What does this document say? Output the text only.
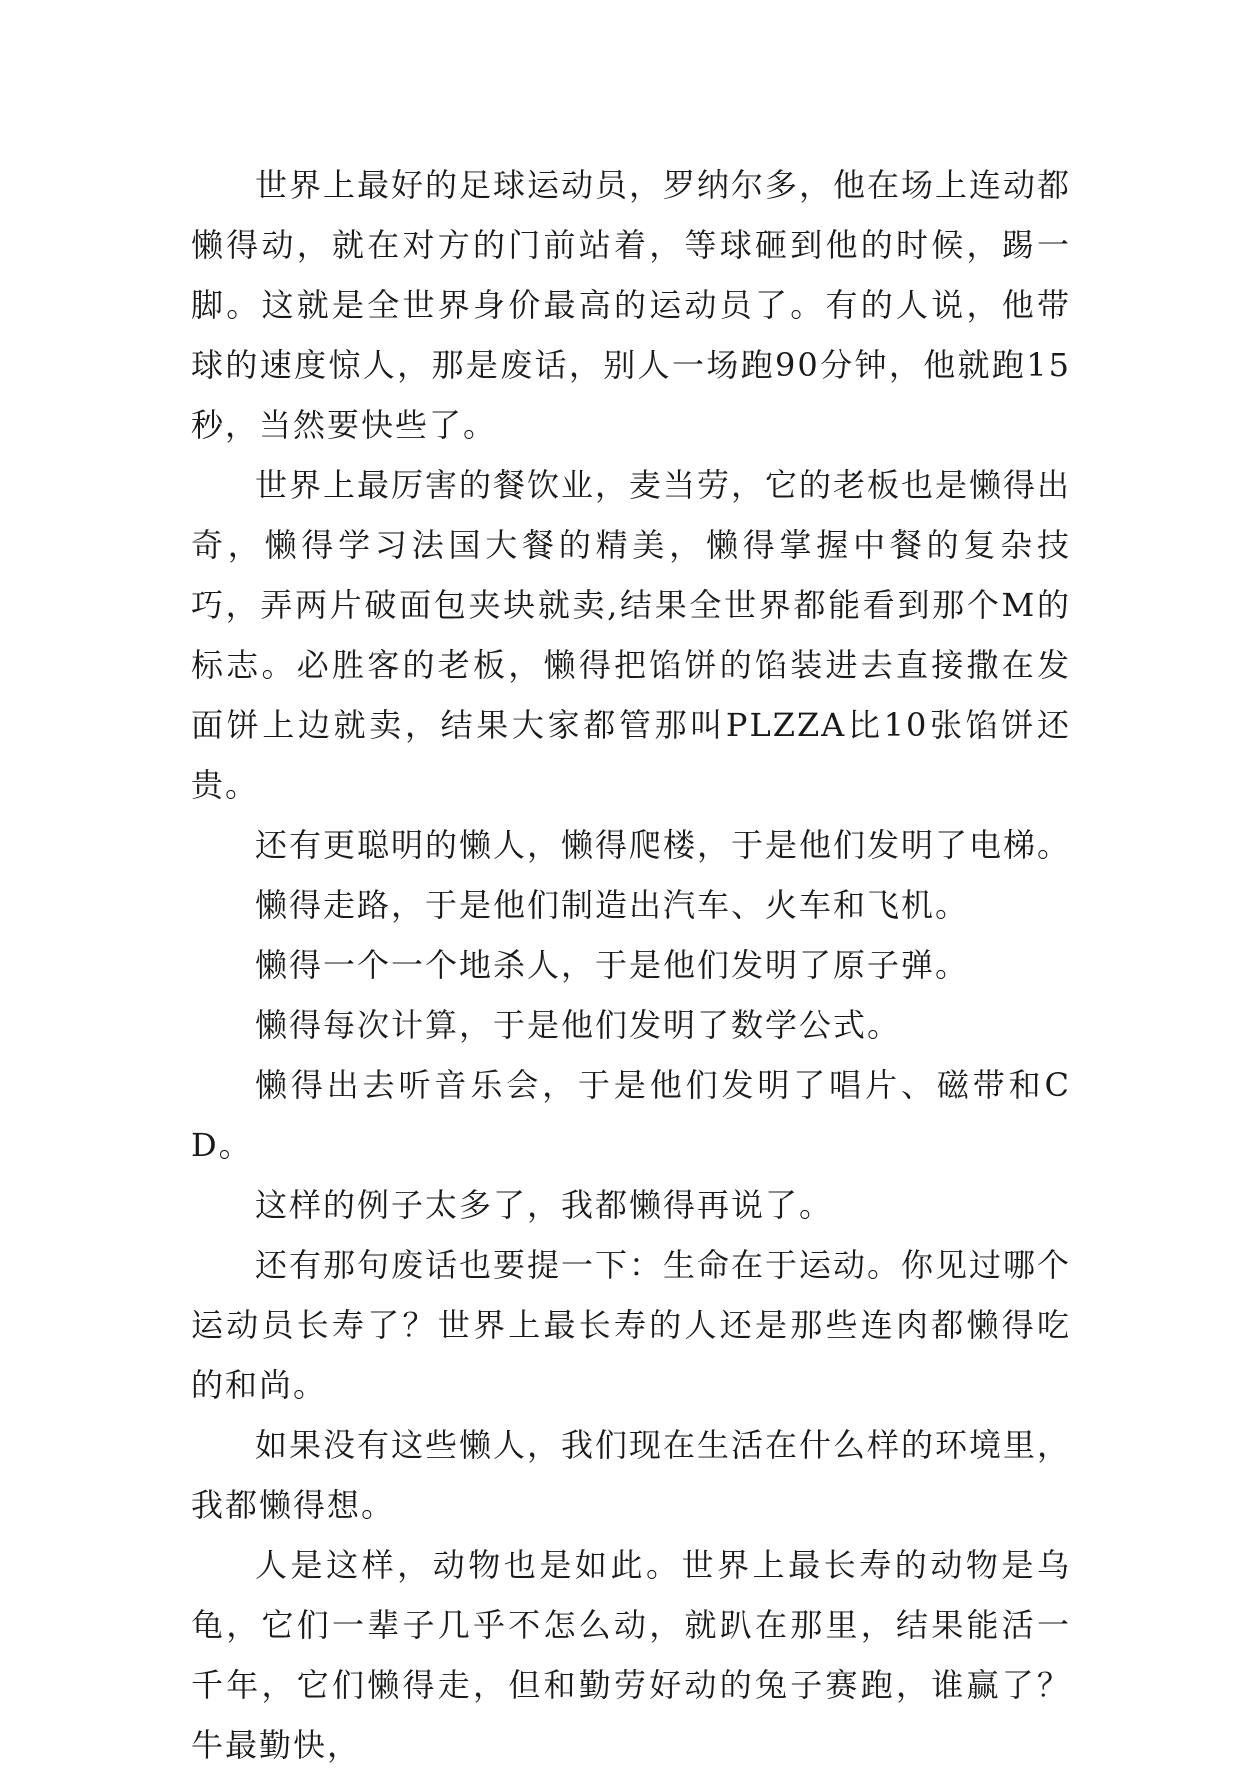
世界上最好的足球运动员，罗纳尔多，他在场上连动都懒得动，就在对方的门前站着，等球砸到他的时候，踢一脚。这就是全世界身价最高的运动员了。有的人说，他带球的速度惊人，那是废话，别人一场跑90分钟，他就跑15秒，当然要快些了。

世界上最厉害的餐饮业，麦当劳，它的老板也是懒得出奇，懒得学习法国大餐的精美，懒得掌握中餐的复杂技巧，弄两片破面包夹块就卖,结果全世界都能看到那个M的标志。必胜客的老板，懒得把馅饼的馅装进去直接撒在发面饼上边就卖，结果大家都管那叫PLZZA比10张馅饼还贵。

还有更聪明的懒人，懒得爬楼，于是他们发明了电梯。

懒得走路，于是他们制造出汽车、火车和飞机。

懒得一个一个地杀人，于是他们发明了原子弹。

懒得每次计算，于是他们发明了数学公式。

懒得出去听音乐会，于是他们发明了唱片、磁带和CD。

这样的例子太多了，我都懒得再说了。

还有那句废话也要提一下：生命在于运动。你见过哪个运动员长寿了？世界上最长寿的人还是那些连肉都懒得吃的和尚。

如果没有这些懒人，我们现在生活在什么样的环境里，我都懒得想。

人是这样，动物也是如此。世界上最长寿的动物是乌龟，它们一辈子几乎不怎么动，就趴在那里，结果能活一千年，它们懒得走，但和勤劳好动的兔子赛跑，谁赢了？牛最勤快，
